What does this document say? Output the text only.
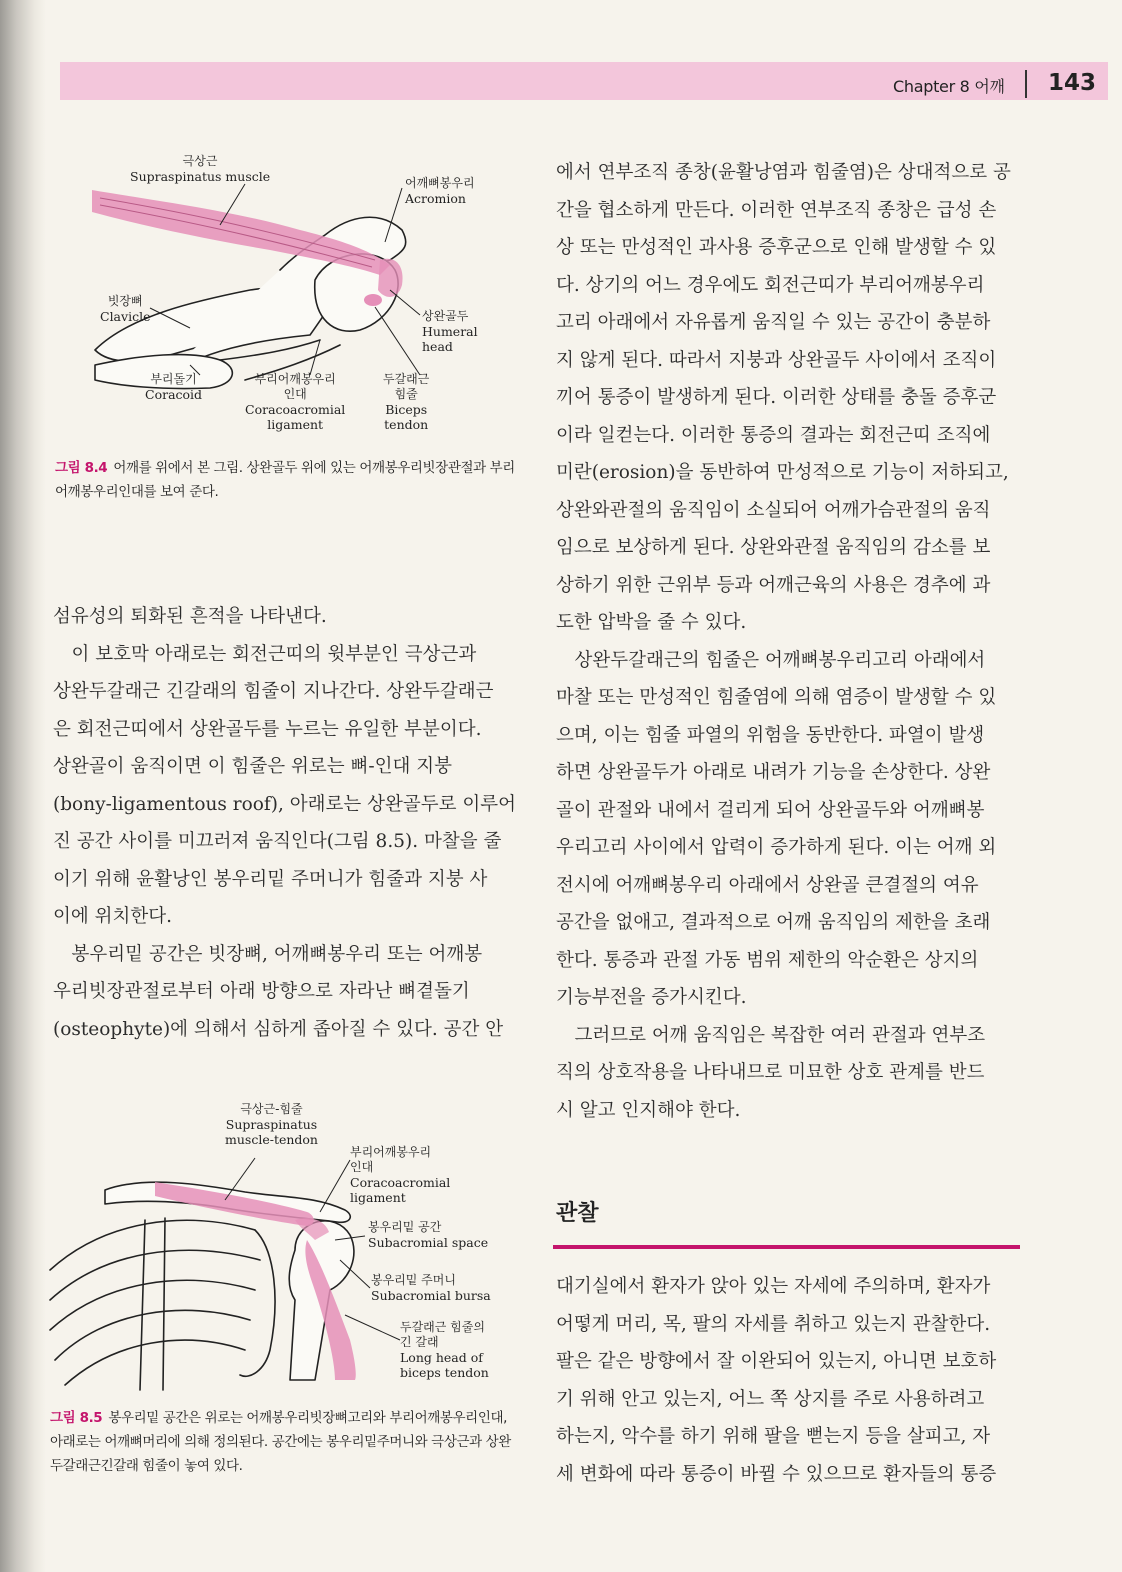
Chapter 8 어깨 143
극상근
Supraspinatus muscle	어깨뼈봉우리
Acromion
빗장뼈
Clavicle	상완골두
Humeral
head
부리돌기
Coracoid
부리어깨봉우리
인대
Coracoacromial
ligament
두갈래근
힘줄
Biceps
tendon
그림 8.4 어깨를 위에서 본 그림. 상완골두 위에 있는 어깨봉우리빗장관절과 부리어깨봉우리인대를 보여 준다.

섬유성의 퇴화된 흔적을 나타낸다.

　이 보호막 아래로는 회전근띠의 윗부분인 극상근과

상완두갈래근 긴갈래의 힘줄이 지나간다. 상완두갈래근

은 회전근띠에서 상완골두를 누르는 유일한 부분이다.

상완골이 움직이면 이 힘줄은 위로는 뼈-인대 지붕

(bony-ligamentous roof), 아래로는 상완골두로 이루어

진 공간 사이를 미끄러져 움직인다(그림 8.5). 마찰을 줄

이기 위해 윤활낭인 봉우리밑 주머니가 힘줄과 지붕 사

이에 위치한다.

　봉우리밑 공간은 빗장뼈, 어깨뼈봉우리 또는 어깨봉

우리빗장관절로부터 아래 방향으로 자라난 뼈곁돌기

(osteophyte)에 의해서 심하게 좁아질 수 있다. 공간 안

극상근-힘줄
Supraspinatus
muscle-tendon
부리어깨봉우리
인대
Coracoacromial
ligament
봉우리밑 공간
Subacromial space
봉우리밑 주머니
Subacromial bursa
두갈래근 힘줄의
긴 갈래
Long head of
biceps tendon
그림 8.5 봉우리밑 공간은 위로는 어깨봉우리빗장뼈고리와 부리어깨봉우리인대, 아래로는 어깨뼈머리에 의해 정의된다. 공간에는 봉우리밑주머니와 극상근과 상완두갈래근긴갈래 힘줄이 놓여 있다.

에서 연부조직 종창(윤활낭염과 힘줄염)은 상대적으로 공

간을 협소하게 만든다. 이러한 연부조직 종창은 급성 손

상 또는 만성적인 과사용 증후군으로 인해 발생할 수 있

다. 상기의 어느 경우에도 회전근띠가 부리어깨봉우리

고리 아래에서 자유롭게 움직일 수 있는 공간이 충분하

지 않게 된다. 따라서 지붕과 상완골두 사이에서 조직이

끼어 통증이 발생하게 된다. 이러한 상태를 충돌 증후군

이라 일컫는다. 이러한 통증의 결과는 회전근띠 조직에

미란(erosion)을 동반하여 만성적으로 기능이 저하되고,

상완와관절의 움직임이 소실되어 어깨가슴관절의 움직

임으로 보상하게 된다. 상완와관절 움직임의 감소를 보

상하기 위한 근위부 등과 어깨근육의 사용은 경추에 과

도한 압박을 줄 수 있다.

　상완두갈래근의 힘줄은 어깨뼈봉우리고리 아래에서

마찰 또는 만성적인 힘줄염에 의해 염증이 발생할 수 있

으며, 이는 힘줄 파열의 위험을 동반한다. 파열이 발생

하면 상완골두가 아래로 내려가 기능을 손상한다. 상완

골이 관절와 내에서 걸리게 되어 상완골두와 어깨뼈봉

우리고리 사이에서 압력이 증가하게 된다. 이는 어깨 외

전시에 어깨뼈봉우리 아래에서 상완골 큰결절의 여유

공간을 없애고, 결과적으로 어깨 움직임의 제한을 초래

한다. 통증과 관절 가동 범위 제한의 악순환은 상지의

기능부전을 증가시킨다.

　그러므로 어깨 움직임은 복잡한 여러 관절과 연부조

직의 상호작용을 나타내므로 미묘한 상호 관계를 반드

시 알고 인지해야 한다.

관찰

대기실에서 환자가 앉아 있는 자세에 주의하며, 환자가

어떻게 머리, 목, 팔의 자세를 취하고 있는지 관찰한다.

팔은 같은 방향에서 잘 이완되어 있는지, 아니면 보호하

기 위해 안고 있는지, 어느 쪽 상지를 주로 사용하려고

하는지, 악수를 하기 위해 팔을 뻗는지 등을 살피고, 자

세 변화에 따라 통증이 바뀔 수 있으므로 환자들의 통증
